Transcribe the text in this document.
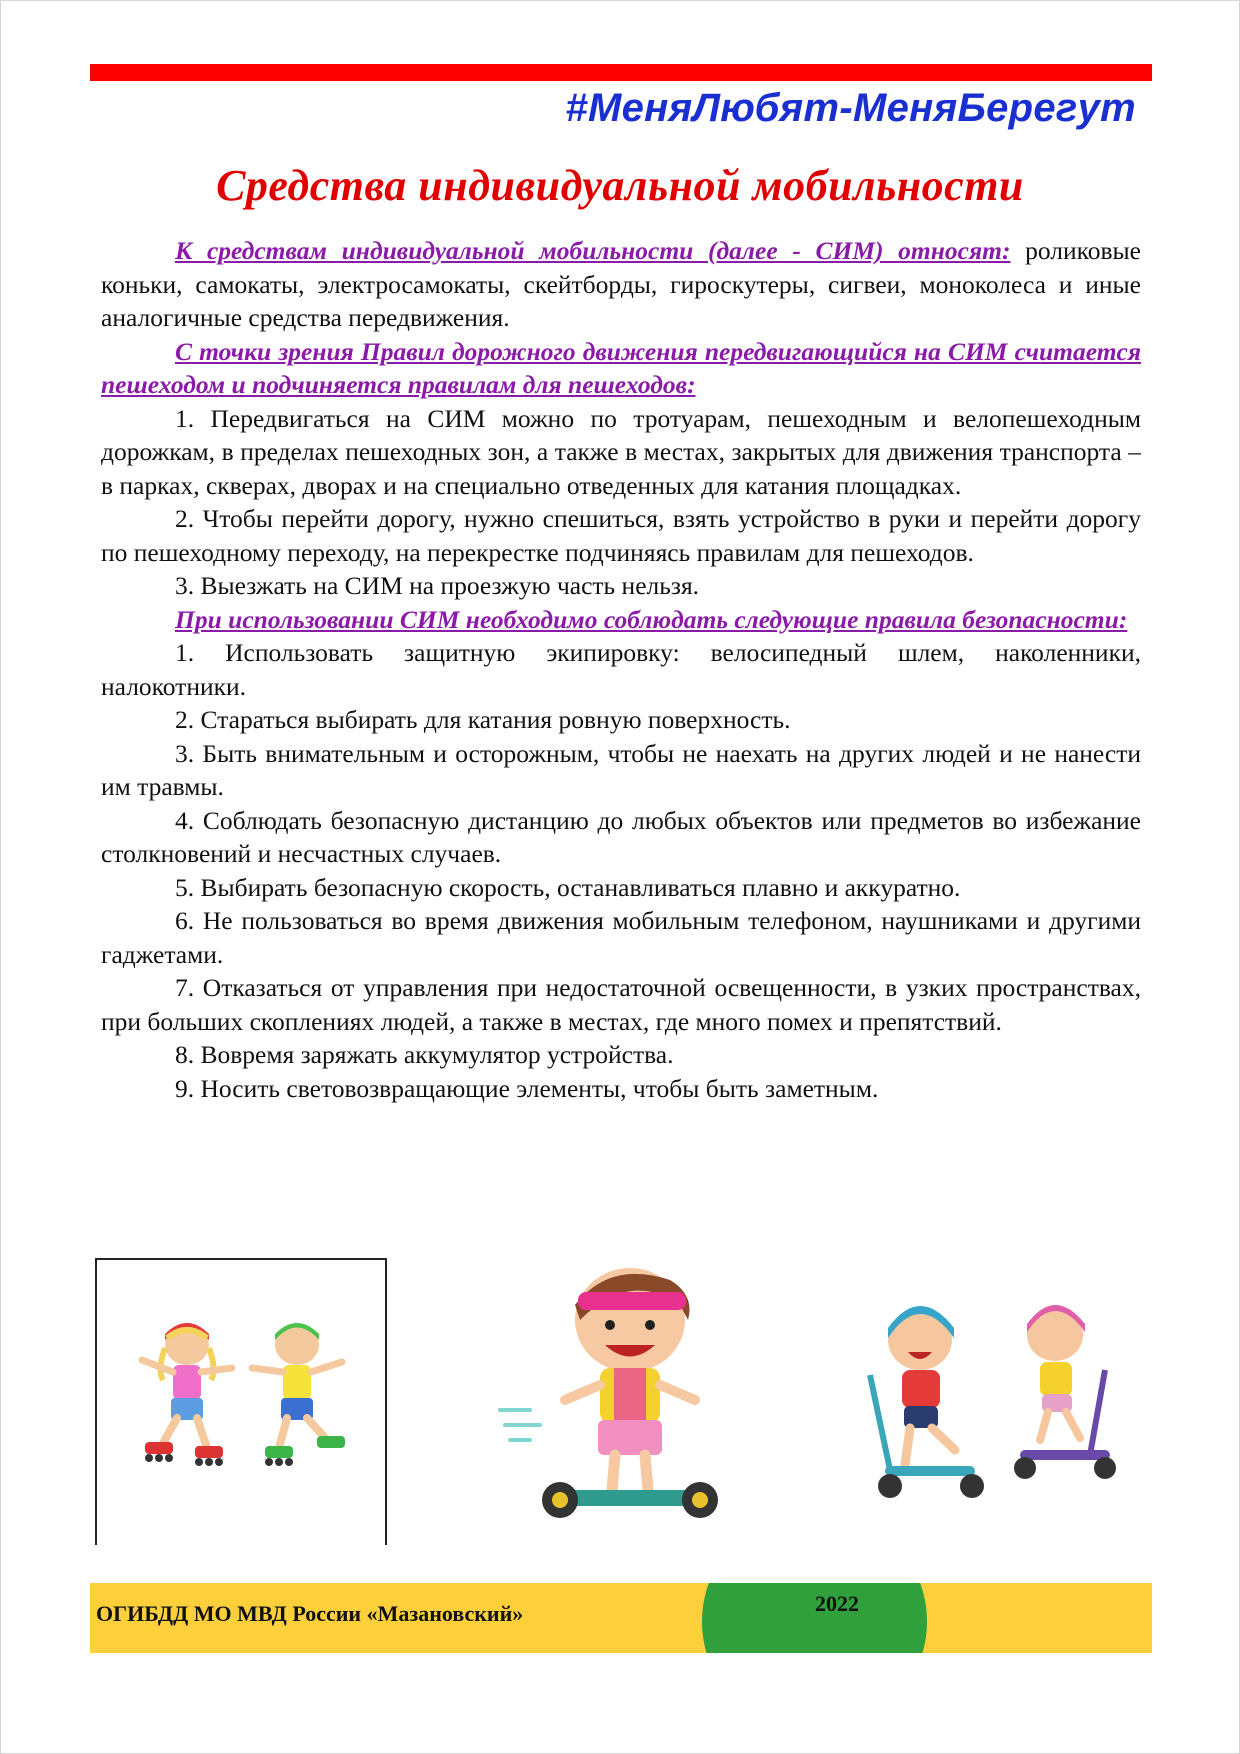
#МеняЛюбят-МеняБерегут
Средства индивидуальной мобильности

К средствам индивидуальной мобильности (далее - СИМ) относят: роликовые коньки, самокаты, электросамокаты, скейтборды, гироскутеры, сигвеи, моноколеса и иные аналогичные средства передвижения.

С точки зрения Правил дорожного движения передвигающийся на СИМ считается пешеходом и подчиняется правилам для пешеходов:

1. Передвигаться на СИМ можно по тротуарам, пешеходным и велопешеходным дорожкам, в пределах пешеходных зон, а также в местах, закрытых для движения транспорта – в парках, скверах, дворах и на специально отведенных для катания площадках.

2. Чтобы перейти дорогу, нужно спешиться, взять устройство в руки и перейти дорогу по пешеходному переходу, на перекрестке подчиняясь правилам для пешеходов.

3. Выезжать на СИМ на проезжую часть нельзя.

При использовании СИМ необходимо соблюдать следующие правила безопасности:

1. Использовать защитную экипировку: велосипедный шлем, наколенники, налокотники.

2. Стараться выбирать для катания ровную поверхность.

3. Быть внимательным и осторожным, чтобы не наехать на других людей и не нанести им травмы.

4. Соблюдать безопасную дистанцию до любых объектов или предметов во избежание столкновений и несчастных случаев.

5. Выбирать безопасную скорость, останавливаться плавно и аккуратно.

6. Не пользоваться во время движения мобильным телефоном, наушниками и другими гаджетами.

7. Отказаться от управления при недостаточной освещенности, в узких пространствах, при больших скоплениях людей, а также в местах, где много помех и препятствий.

8. Вовремя заряжать аккумулятор устройства.

9. Носить световозвращающие элементы, чтобы быть заметным.

ОГИБДД МО МВД России «Мазановский»	2022
